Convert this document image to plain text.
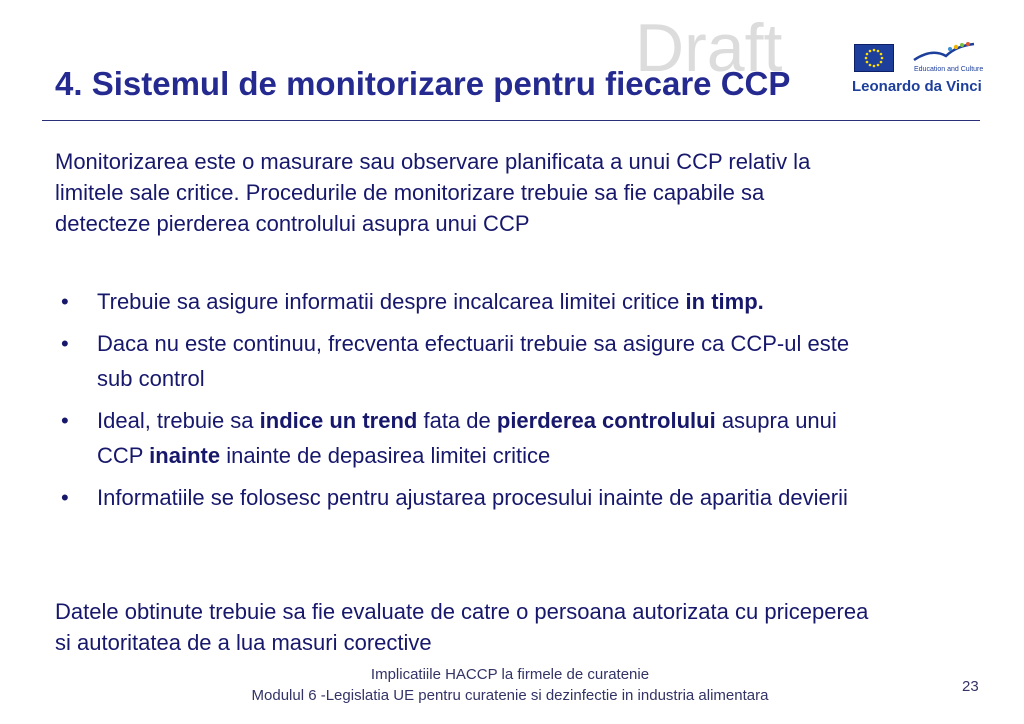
Draft
4. Sistemul de monitorizare pentru fiecare CCP	Education and Culture
Leonardo da Vinci

Monitorizarea este o masurare sau observare planificata a unui CCP relativ la limitele sale critice. Procedurile de monitorizare trebuie sa fie capabile sa detecteze pierderea controlului asupra unui CCP

• Trebuie sa asigure informatii despre incalcarea limitei critice in timp.
• Daca nu este continuu, frecventa efectuarii trebuie sa asigure ca CCP-ul este sub control
• Ideal, trebuie sa indice un trend fata de pierderea controlului asupra unui CCP inainte inainte de depasirea limitei critice
• Informatiile se folosesc pentru ajustarea procesului inainte de aparitia devierii

Datele obtinute trebuie sa fie evaluate de catre o persoana autorizata cu priceperea si autoritatea de a lua masuri corective

Implicatiile HACCP la firmele de curatenie
Modulul 6 -Legislatia UE pentru curatenie si dezinfectie in industria alimentara
23
